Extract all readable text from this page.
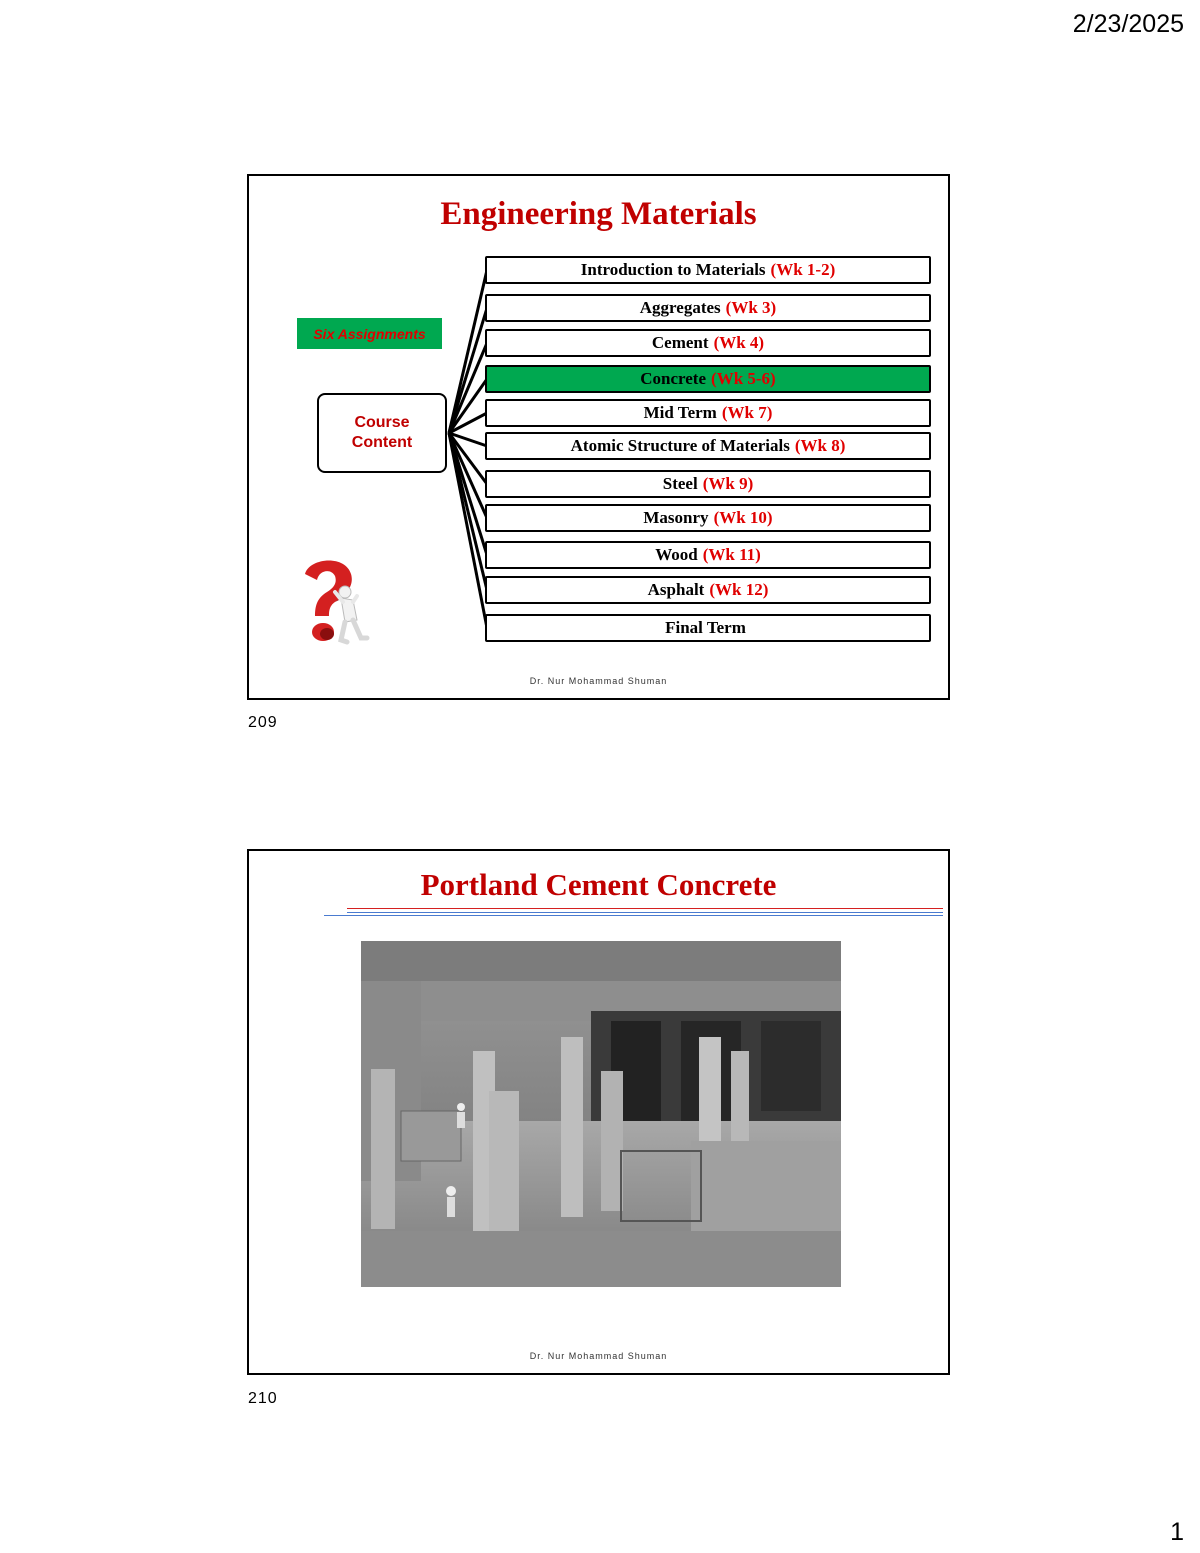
2/23/2025
Engineering Materials
Six Assignments
Course Content
Introduction to Materials (Wk 1-2)
Aggregates (Wk 3)
Cement (Wk 4)
Concrete (Wk 5-6)
Mid Term (Wk 7)
Atomic Structure of Materials (Wk 8)
Steel (Wk 9)
Masonry (Wk 10)
Wood (Wk 11)
Asphalt (Wk 12)
Final Term
Dr. Nur Mohammad Shuman
209
Portland Cement Concrete
Dr. Nur Mohammad Shuman
210
1
